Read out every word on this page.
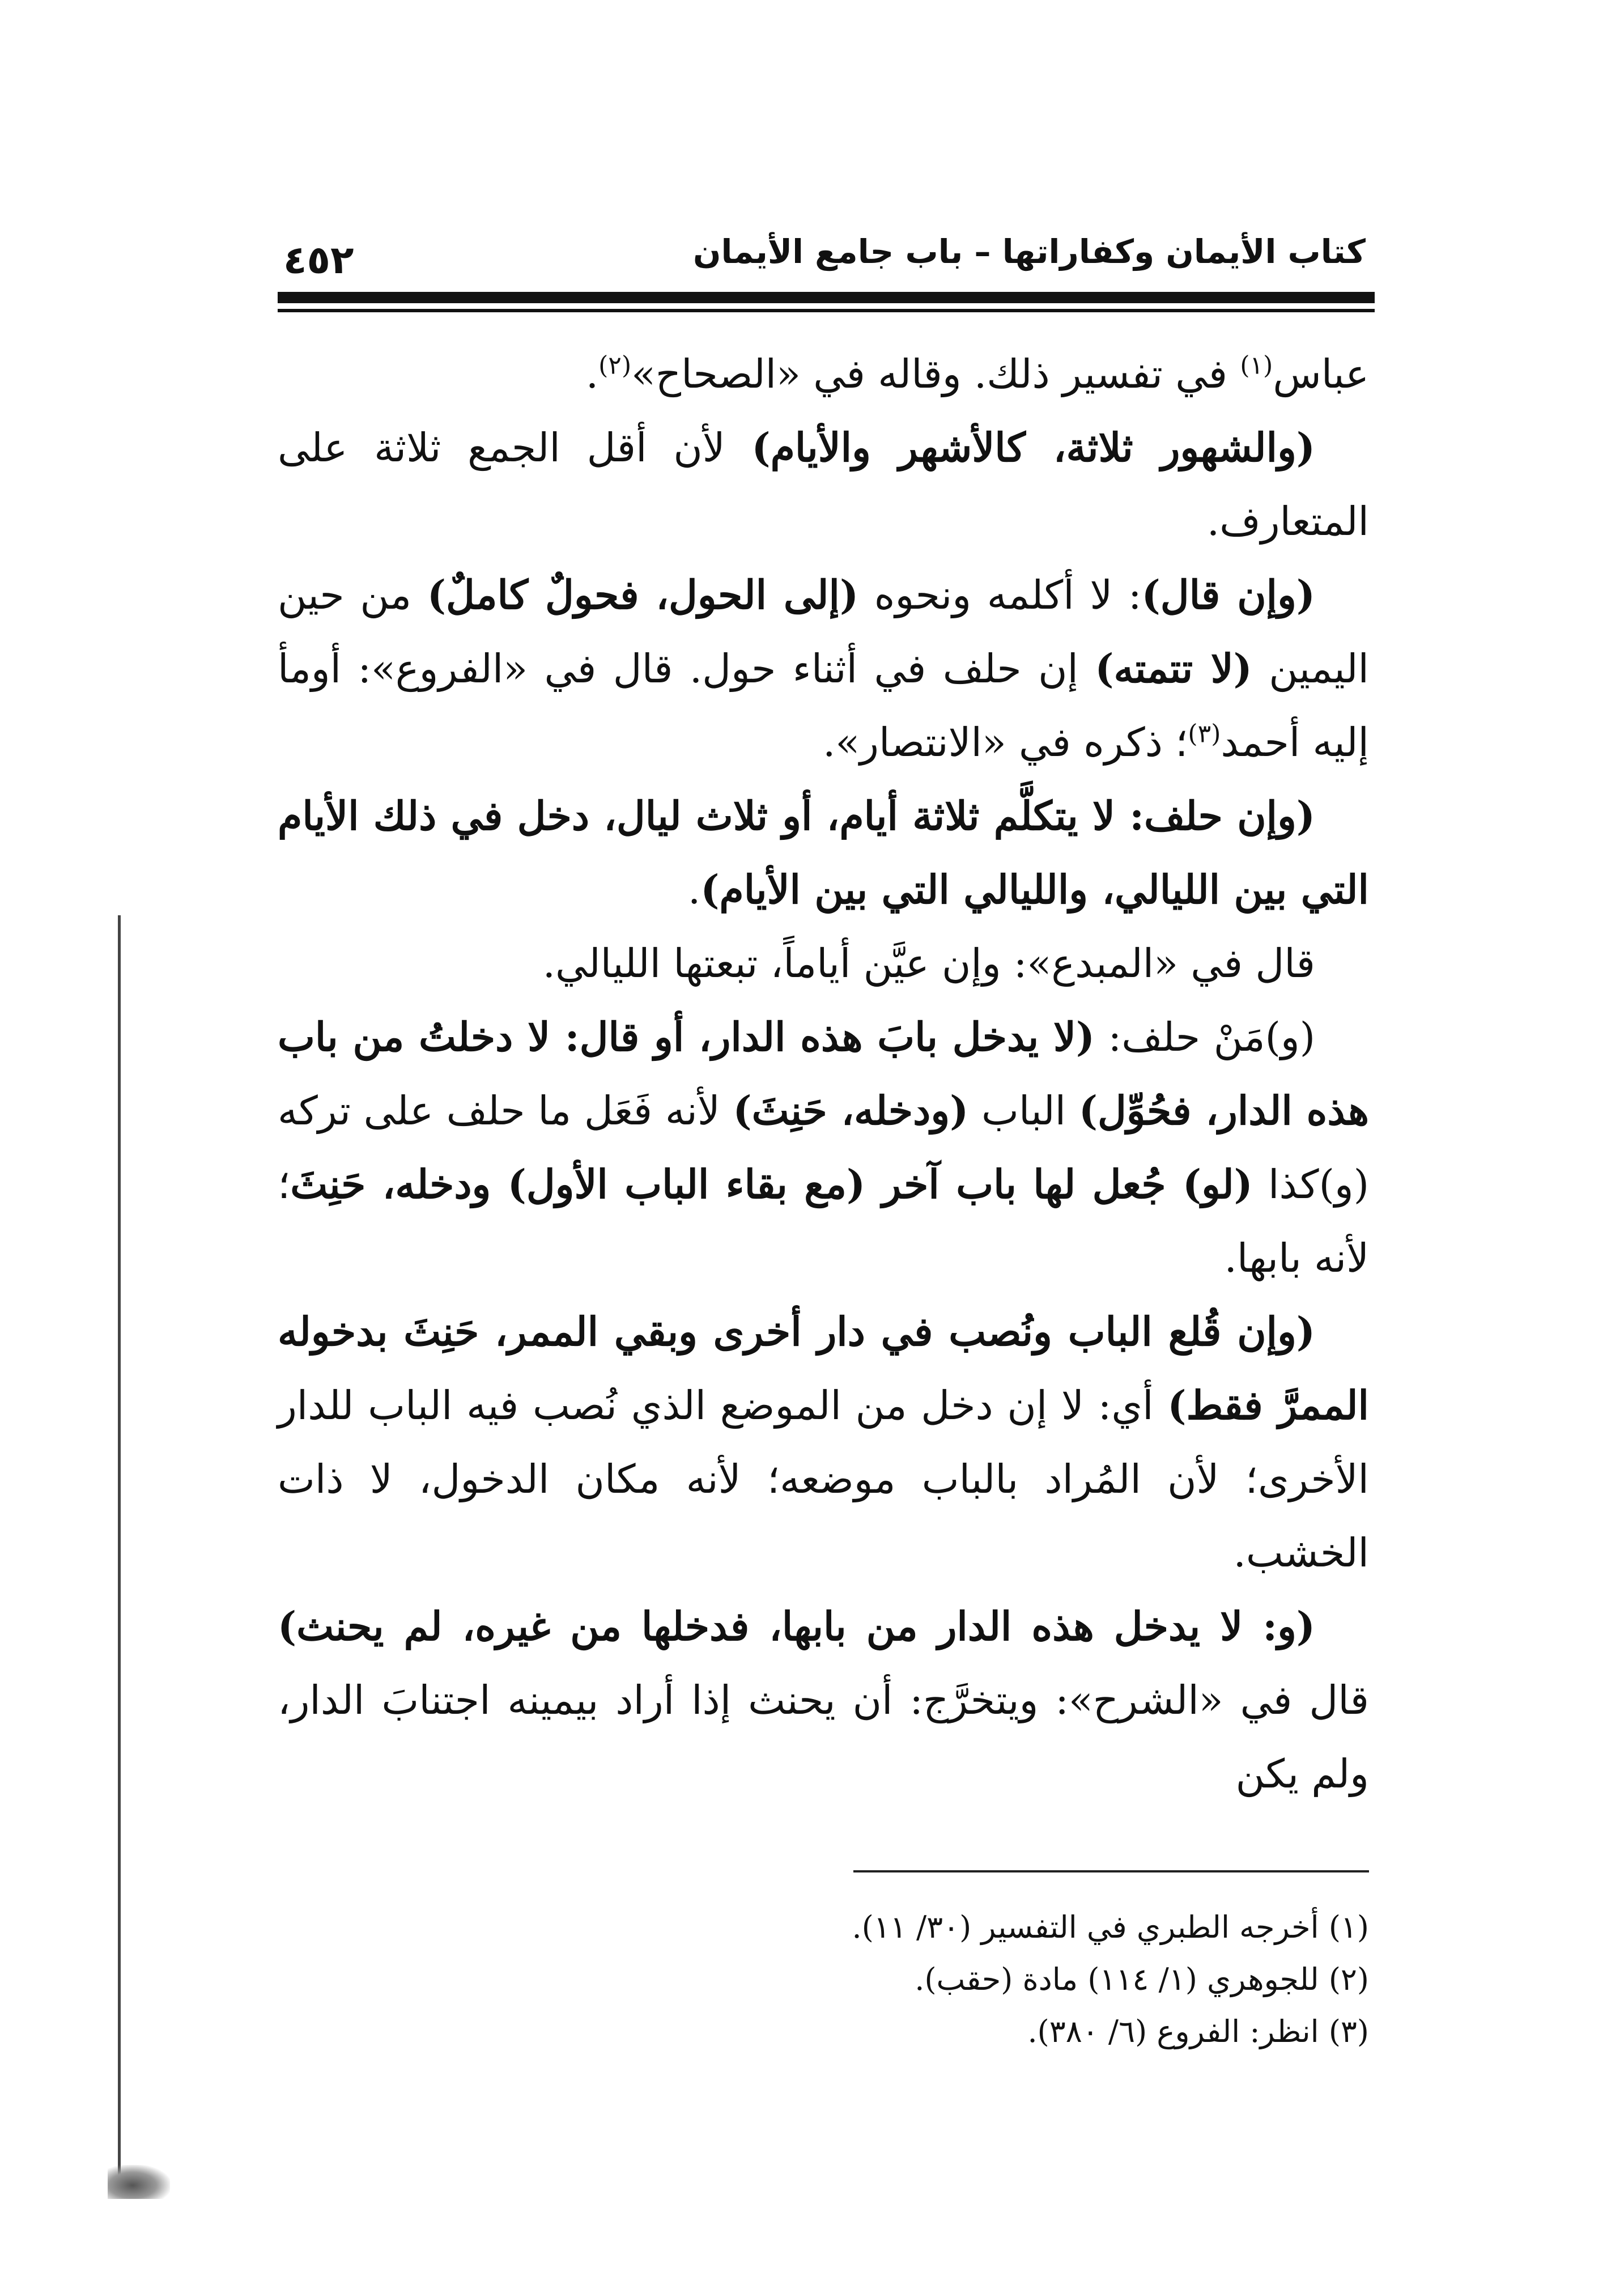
كتاب الأيمان وكفاراتها – باب جامع الأيمان
٤٥٢

عباس$^{(١)}$ في تفسير ذلك. وقاله في «الصحاح»$^{(٢)}$.

(والشهور ثلاثة، كالأشهر والأيام) لأن أقل الجمع ثلاثة على المتعارف.

(وإن قال): لا أكلمه ونحوه (إلى الحول، فحولٌ كاملٌ) من حين اليمين (لا تتمته) إن حلف في أثناء حول. قال في «الفروع»: أومأ إليه أحمد$^{(٣)}$؛ ذكره في «الانتصار».

(وإن حلف: لا يتكلَّم ثلاثة أيام، أو ثلاث ليال، دخل في ذلك الأيام التي بين الليالي، والليالي التي بين الأيام).

قال في «المبدع»: وإن عيَّن أياماً، تبعتها الليالي.

(و)مَنْ حلف: (لا يدخل بابَ هذه الدار، أو قال: لا دخلتُ من باب هذه الدار، فحُوِّل) الباب (ودخله، حَنِثَ) لأنه فَعَل ما حلف على تركه (و)كذا (لو) جُعل لها باب آخر (مع بقاء الباب الأول) ودخله، حَنِثَ؛ لأنه بابها.

(وإن قُلع الباب ونُصب في دار أخرى وبقي الممر، حَنِثَ بدخوله الممرَّ فقط) أي: لا إن دخل من الموضع الذي نُصب فيه الباب للدار الأخرى؛ لأن المُراد بالباب موضعه؛ لأنه مكان الدخول، لا ذات الخشب.

(و: لا يدخل هذه الدار من بابها، فدخلها من غيره، لم يحنث) قال في «الشرح»: ويتخرَّج: أن يحنث إذا أراد بيمينه اجتنابَ الدار، ولم يكن

(١) أخرجه الطبري في التفسير (٣٠/ ١١).

(٢) للجوهري (١/ ١١٤) مادة (حقب).

(٣) انظر: الفروع (٦/ ٣٨٠).
